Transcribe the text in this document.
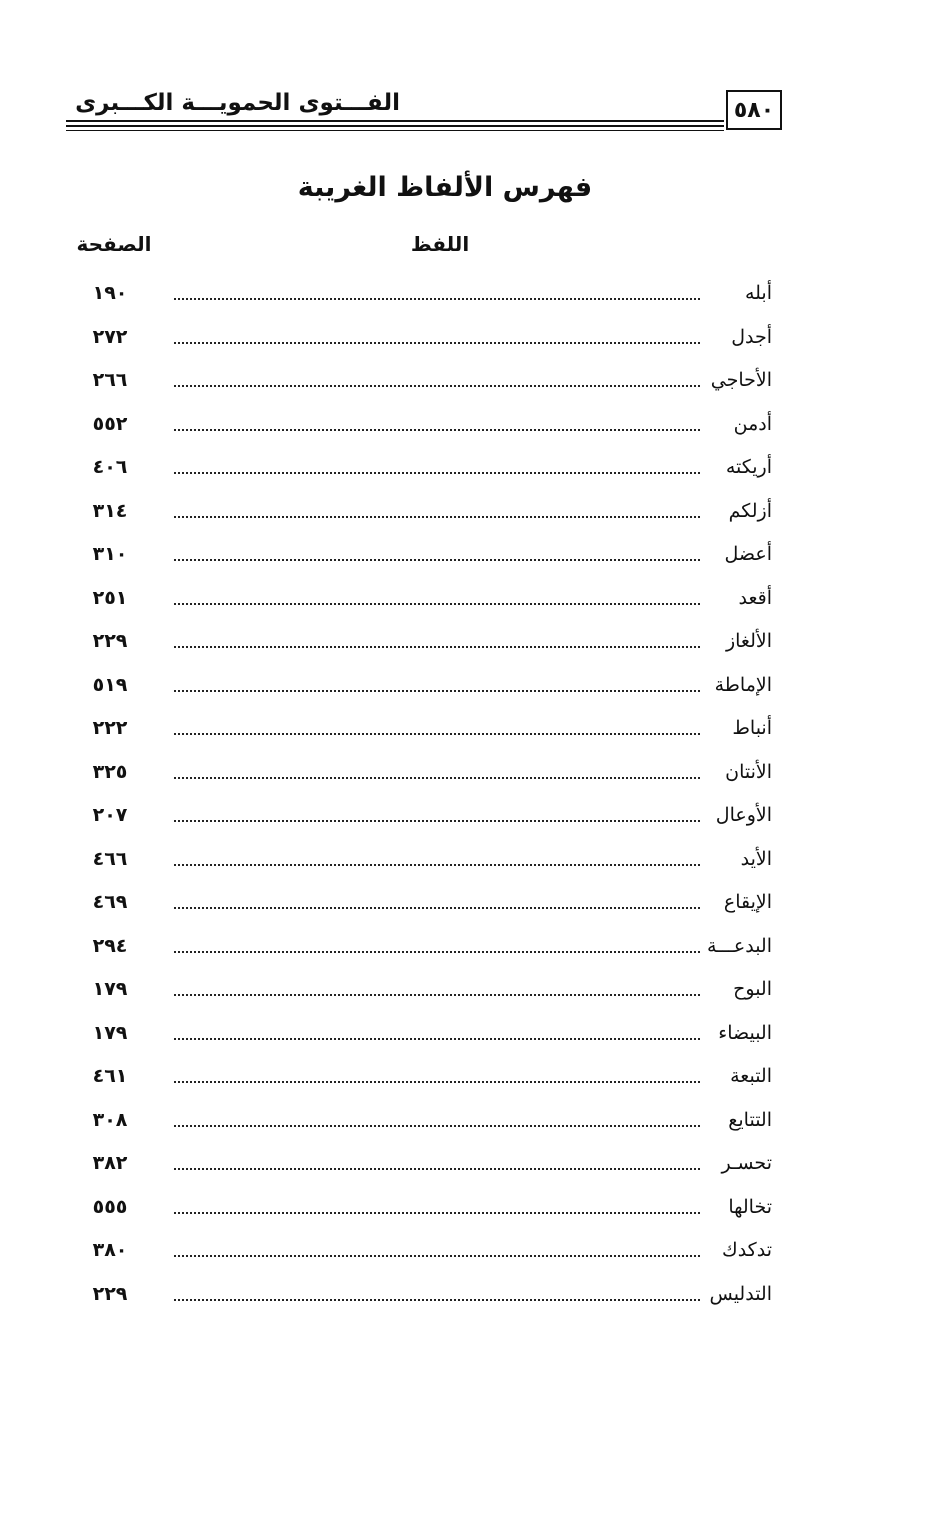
الفـــتوى الحمويـــة الكـــبرى	٥٨٠
فهرس الألفاظ الغريبة
اللفظ
الصفحة
أبله
١٩٠
أجدل
٢٧٢
الأحاجي
٢٦٦
أدمن
٥٥٢
أريكته
٤٠٦
أزلكم
٣١٤
أعضل
٣١٠
أقعد
٢٥١
الألغاز
٢٢٩
الإماطة
٥١٩
أنباط
٢٢٢
الأنتان
٣٢٥
الأوعال
٢٠٧
الأيد
٤٦٦
الإيقاع
٤٦٩
البدعـــة
٢٩٤
البوح
١٧٩
البيضاء
١٧٩
التبعة
٤٦١
التتايع
٣٠٨
تحسـر
٣٨٢
تخالها
٥٥٥
تدكدك
٣٨٠
التدليس
٢٢٩
